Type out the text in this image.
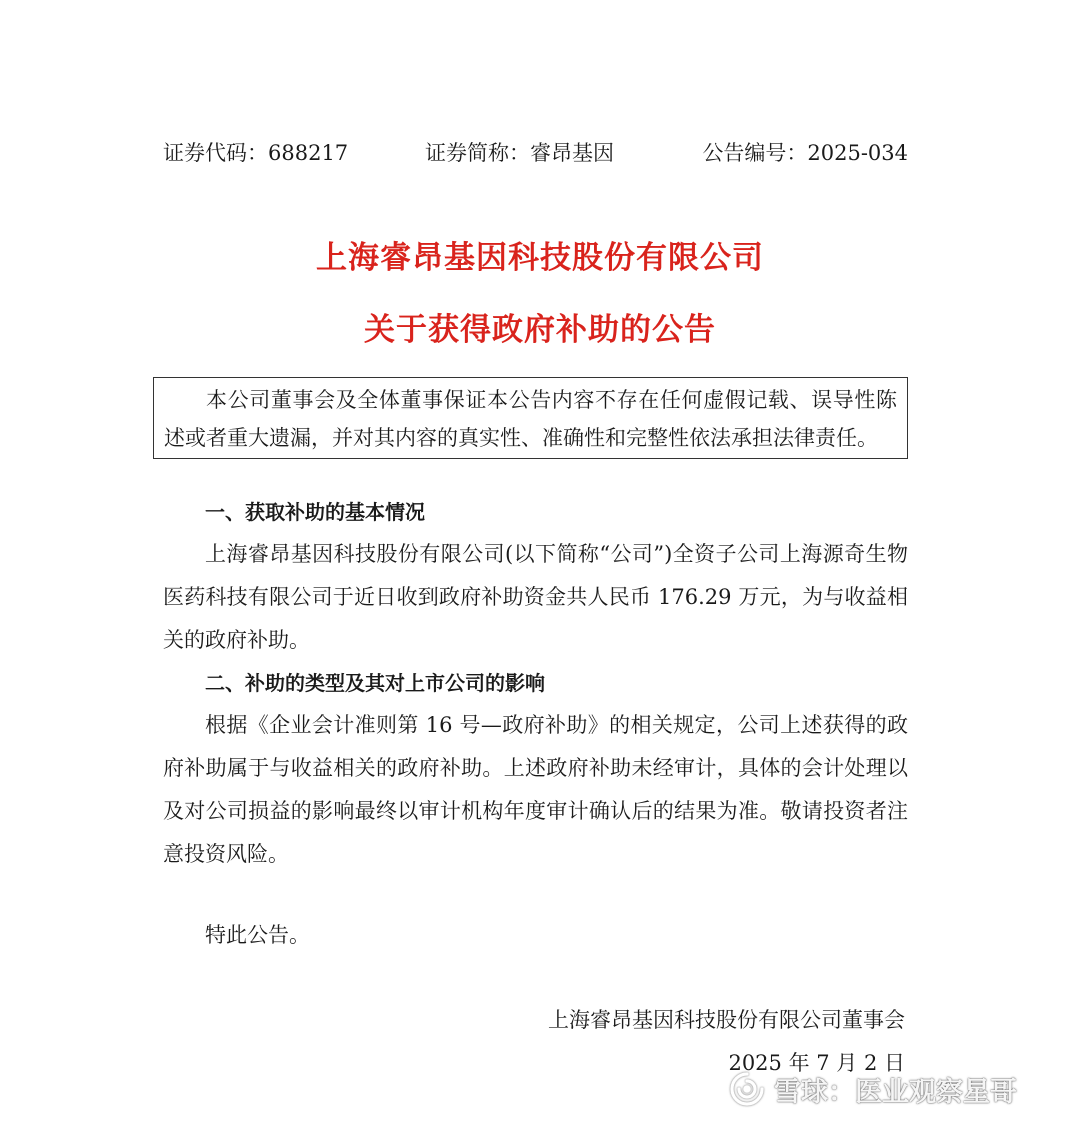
证券代码：688217	证券简称：睿昂基因	公告编号：2025-034
上海睿昂基因科技股份有限公司
关于获得政府补助的公告
本公司董事会及全体董事保证本公告内容不存在任何虚假记载、误导性陈述或者重大遗漏，并对其内容的真实性、准确性和完整性依法承担法律责任。
一、获取补助的基本情况

上海睿昂基因科技股份有限公司(以下简称“公司”)全资子公司上海源奇生物医药科技有限公司于近日收到政府补助资金共人民币 176.29 万元，为与收益相关的政府补助。

二、补助的类型及其对上市公司的影响

根据《企业会计准则第 16 号—政府补助》的相关规定，公司上述获得的政府补助属于与收益相关的政府补助。上述政府补助未经审计，具体的会计处理以及对公司损益的影响最终以审计机构年度审计确认后的结果为准。敬请投资者注意投资风险。

特此公告。
上海睿昂基因科技股份有限公司董事会
2025 年 7 月 2 日
雪球：医业观察星哥
